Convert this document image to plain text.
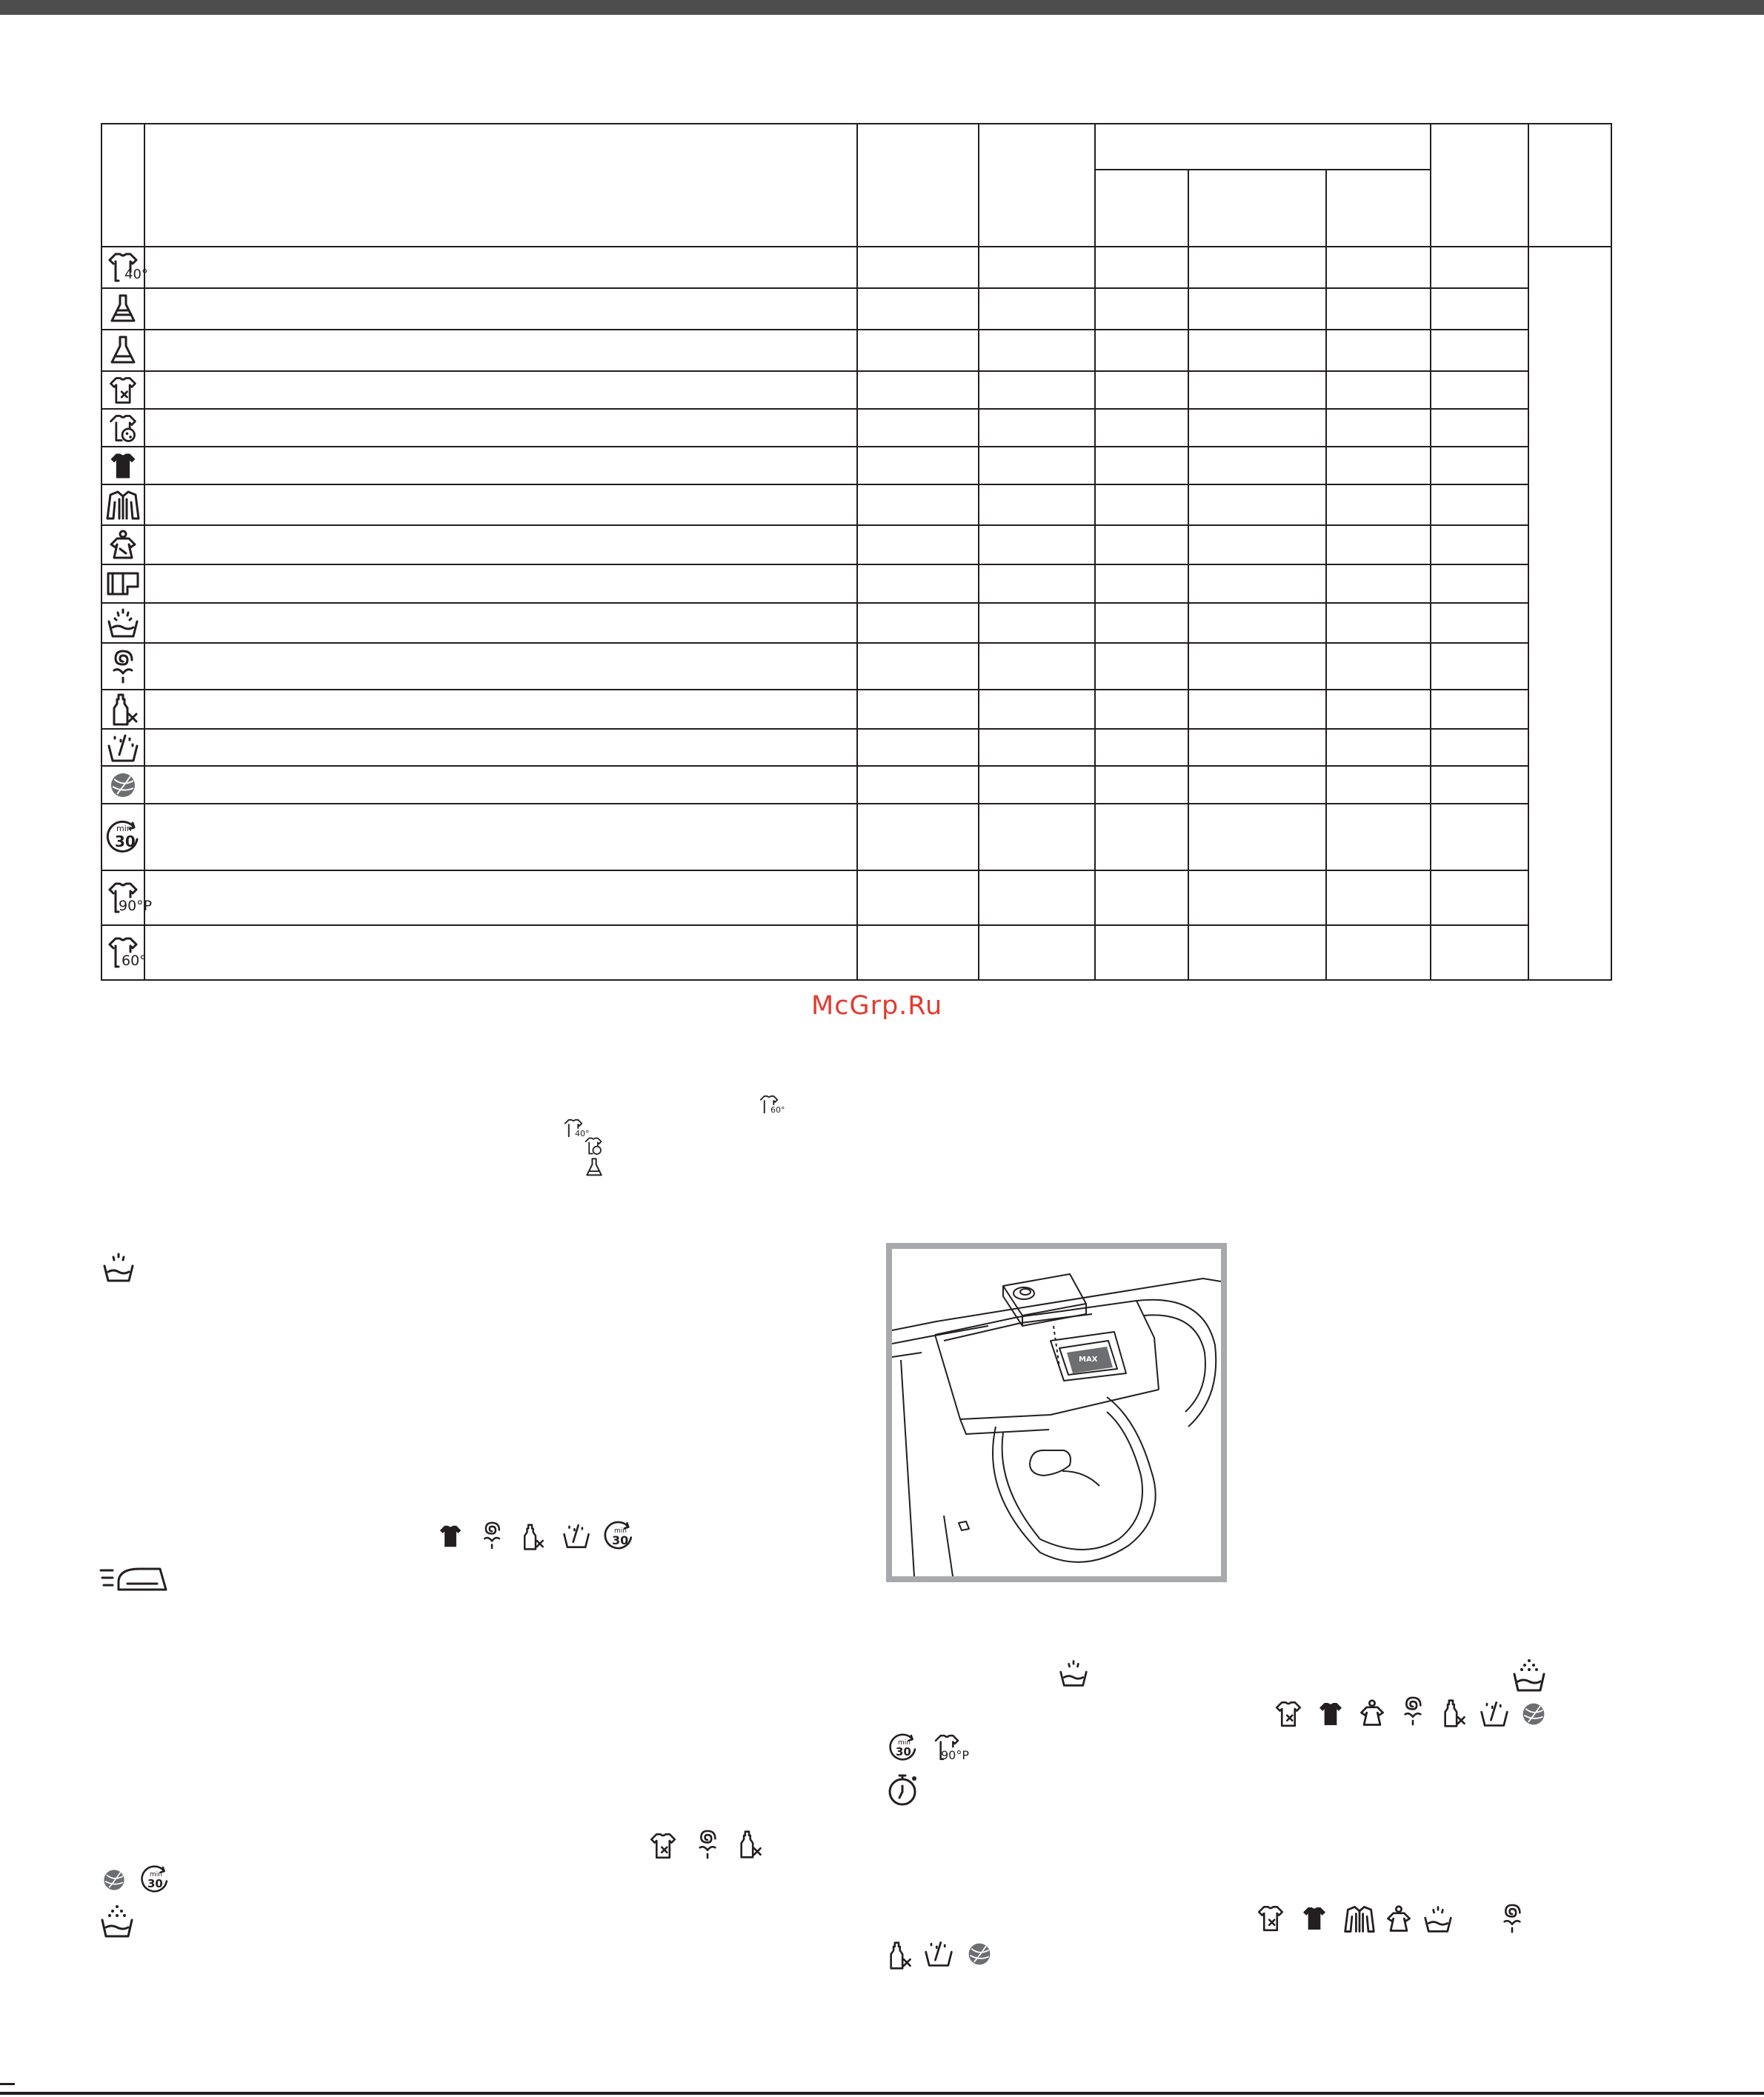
40°
min
30
90°P
60°
McGrp.Ru
60°
40°
min
30
min
30
MAX
min
30	90°P
